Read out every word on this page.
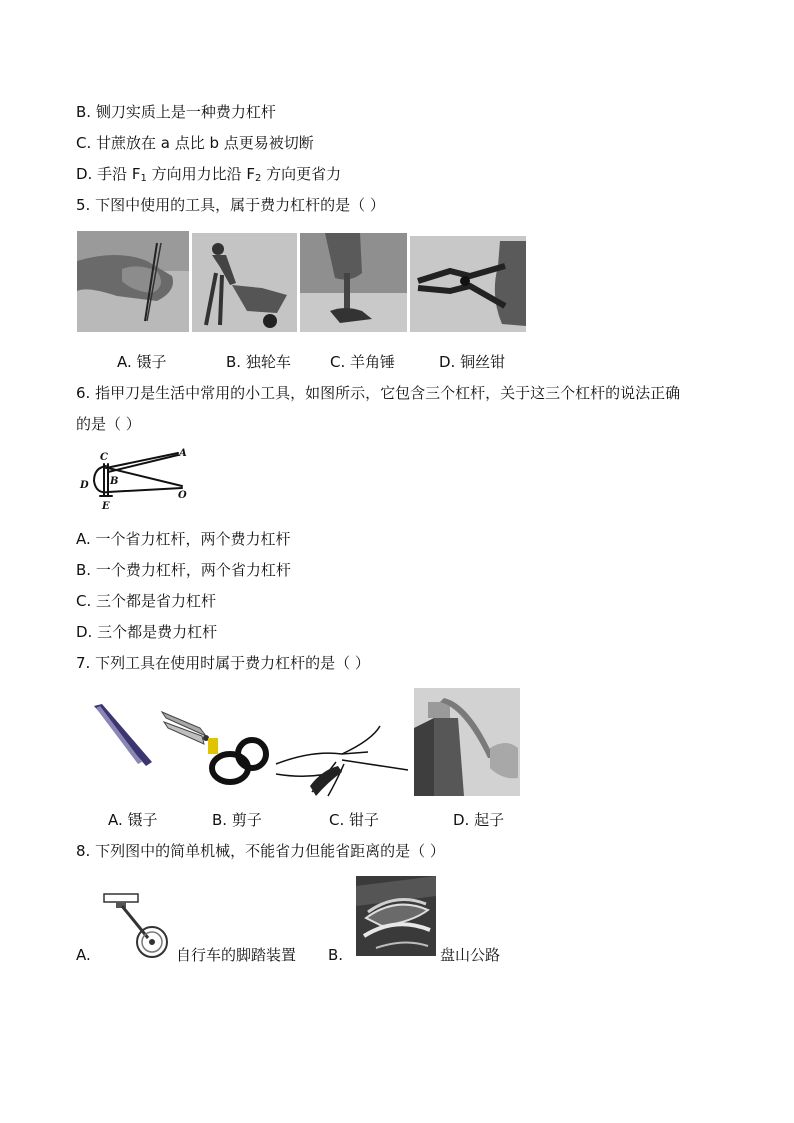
B. 铡刀实质上是一种费力杠杆
C. 甘蔗放在 a 点比 b 点更易被切断
D. 手沿 $F_1$ 方向用力比沿 $F_2$ 方向更省力
5. 下图中使用的工具，属于费力杠杆的是（ ）
A. 镊子	B. 独轮车	C. 羊角锤	D. 铜丝钳
6. 指甲刀是生活中常用的小工具，如图所示，它包含三个杠杆，关于这三个杠杆的说法正确
的是（ ）
C	A
B
D
E
O
A. 一个省力杠杆，两个费力杠杆
B. 一个费力杠杆，两个省力杠杆
C. 三个都是省力杠杆
D. 三个都是费力杠杆
7. 下列工具在使用时属于费力杠杆的是（ ）
A. 镊子	B. 剪子	C. 钳子	D. 起子
8. 下列图中的简单机械，不能省力但能省距离的是（ ）
A.	自行车的脚踏装置 B.	盘山公路
